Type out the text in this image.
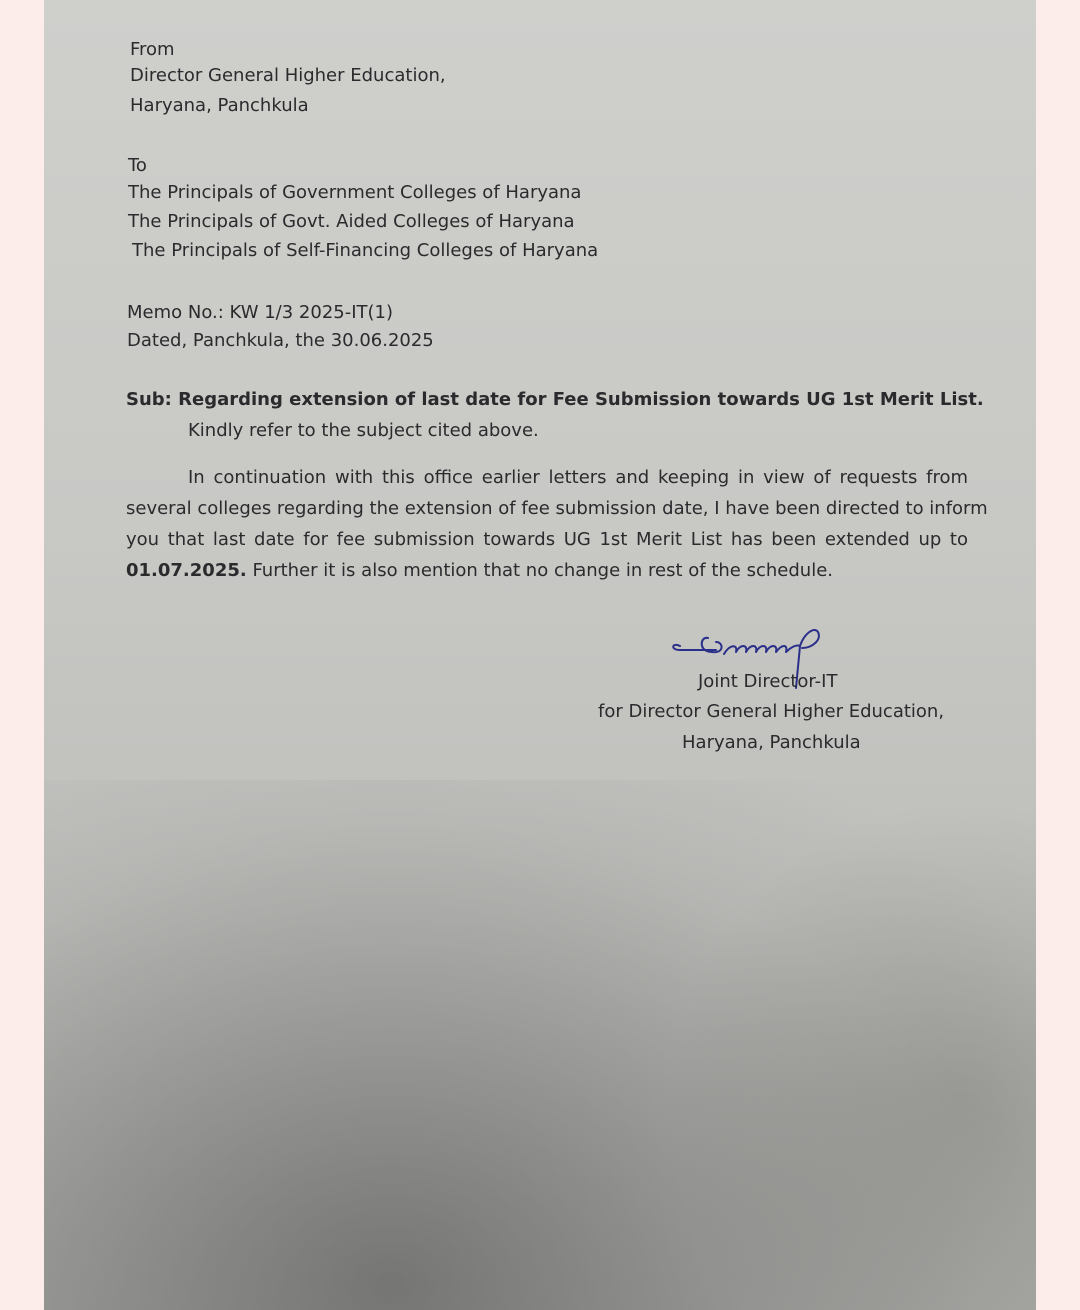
From
Director General Higher Education,
Haryana, Panchkula
To
The Principals of Government Colleges of Haryana
The Principals of Govt. Aided Colleges of Haryana
The Principals of Self-Financing Colleges of Haryana
Memo No.: KW 1/3 2025-IT(1)
Dated, Panchkula, the 30.06.2025
Sub: Regarding extension of last date for Fee Submission towards UG 1st Merit List.
Kindly refer to the subject cited above.
In continuation with this office earlier letters and keeping in view of requests from
several colleges regarding the extension of fee submission date, I have been directed to inform
you that last date for fee submission towards UG 1st Merit List has been extended up to
01.07.2025. Further it is also mention that no change in rest of the schedule.
Joint Director-IT
for Director General Higher Education,
Haryana, Panchkula
